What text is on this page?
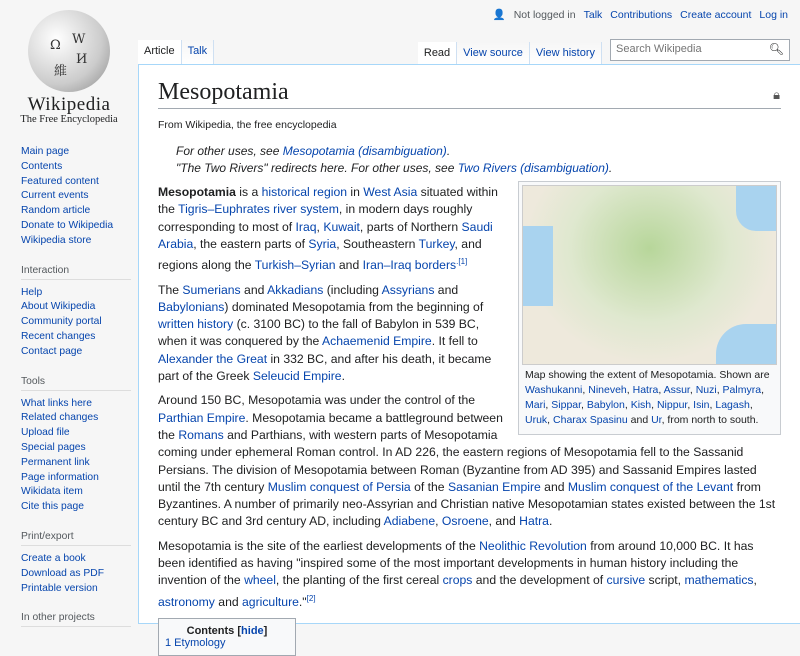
Ω W
И
維
Wikipedia
The Free Encyclopedia
👤 Not logged in Talk Contributions Create account Log in
Main page
Contents
Featured content
Current events
Random article
Donate to Wikipedia
Wikipedia store
Interaction
Help
About Wikipedia
Community portal
Recent changes
Contact page
Tools
What links here
Related changes
Upload file
Special pages
Permanent link
Page information
Wikidata item
Cite this page
Print/export
Create a book
Download as PDF
Printable version
In other projects
Article	Talk	Read	View source	View history
Search Wikipedia	🔍︎
🔒︎
Mesopotamia
From Wikipedia, the free encyclopedia
For other uses, see Mesopotamia (disambiguation).
"The Two Rivers" redirects here. For other uses, see Two Rivers (disambiguation).
Map showing the extent of Mesopotamia. Shown are Washukanni, Nineveh, Hatra, Assur, Nuzi, Palmyra, Mari, Sippar, Babylon, Kish, Nippur, Isin, Lagash, Uruk, Charax Spasinu and Ur, from north to south.

Mesopotamia is a historical region in West Asia situated within the Tigris–Euphrates river system, in modern days roughly corresponding to most of Iraq, Kuwait, parts of Northern Saudi Arabia, the eastern parts of Syria, Southeastern Turkey, and regions along the Turkish–Syrian and Iran–Iraq borders$^{.[1]}$

The Sumerians and Akkadians (including Assyrians and Babylonians) dominated Mesopotamia from the beginning of written history (c. 3100 BC) to the fall of Babylon in 539 BC, when it was conquered by the Achaemenid Empire. It fell to Alexander the Great in 332 BC, and after his death, it became part of the Greek Seleucid Empire.

Around 150 BC, Mesopotamia was under the control of the Parthian Empire. Mesopotamia became a battleground between the Romans and Parthians, with western parts of Mesopotamia coming under ephemeral Roman control. In AD 226, the eastern regions of Mesopotamia fell to the Sassanid Persians. The division of Mesopotamia between Roman (Byzantine from AD 395) and Sassanid Empires lasted until the 7th century Muslim conquest of Persia of the Sasanian Empire and Muslim conquest of the Levant from Byzantines. A number of primarily neo-Assyrian and Christian native Mesopotamian states existed between the 1st century BC and 3rd century AD, including Adiabene, Osroene, and Hatra.

Mesopotamia is the site of the earliest developments of the Neolithic Revolution from around 10,000 BC. It has been identified as having "inspired some of the most important developments in human history including the invention of the wheel, the planting of the first cereal crops and the development of cursive script, mathematics, astronomy and agriculture."[2]

Contents [hide]
1 Etymology
